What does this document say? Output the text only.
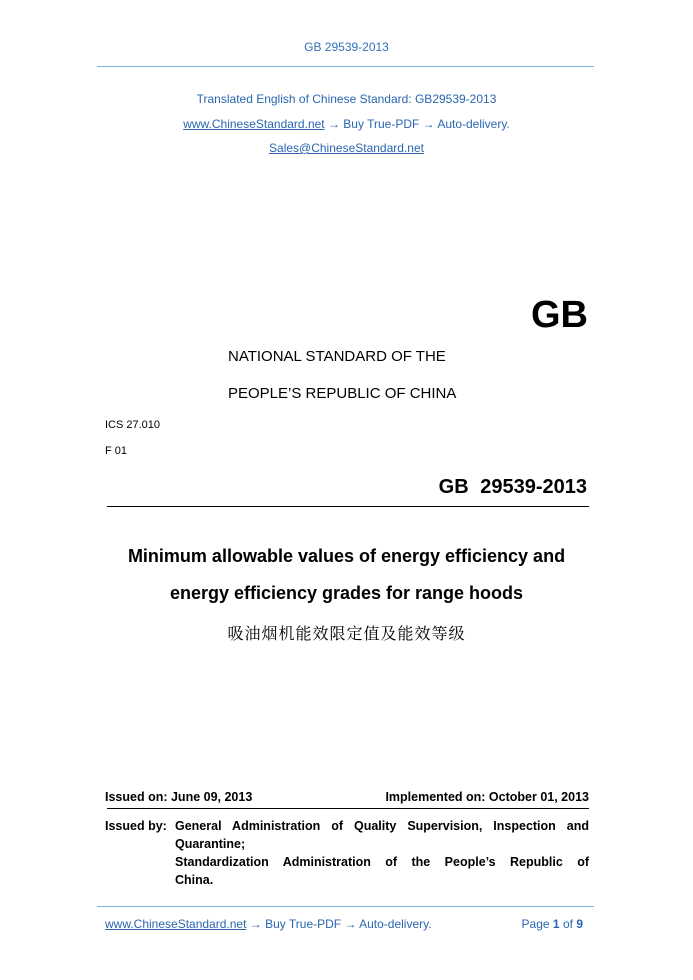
GB 29539-2013
Translated English of Chinese Standard: GB29539-2013
www.ChineseStandard.net → Buy True-PDF → Auto-delivery.
Sales@ChineseStandard.net
GB
NATIONAL STANDARD OF THE
PEOPLE’S REPUBLIC OF CHINA
ICS 27.010
F 01
GB 29539-2013
Minimum allowable values of energy efficiency and
energy efficiency grades for range hoods
吸油烟机能效限定值及能效等级
Issued on: June 09, 2013	Implemented on: October 01, 2013
Issued by: General Administration of Quality Supervision, Inspection and
Quarantine;
Standardization Administration of the People’s Republic of
China.
www.ChineseStandard.net → Buy True-PDF → Auto-delivery.	Page 1 of 9
